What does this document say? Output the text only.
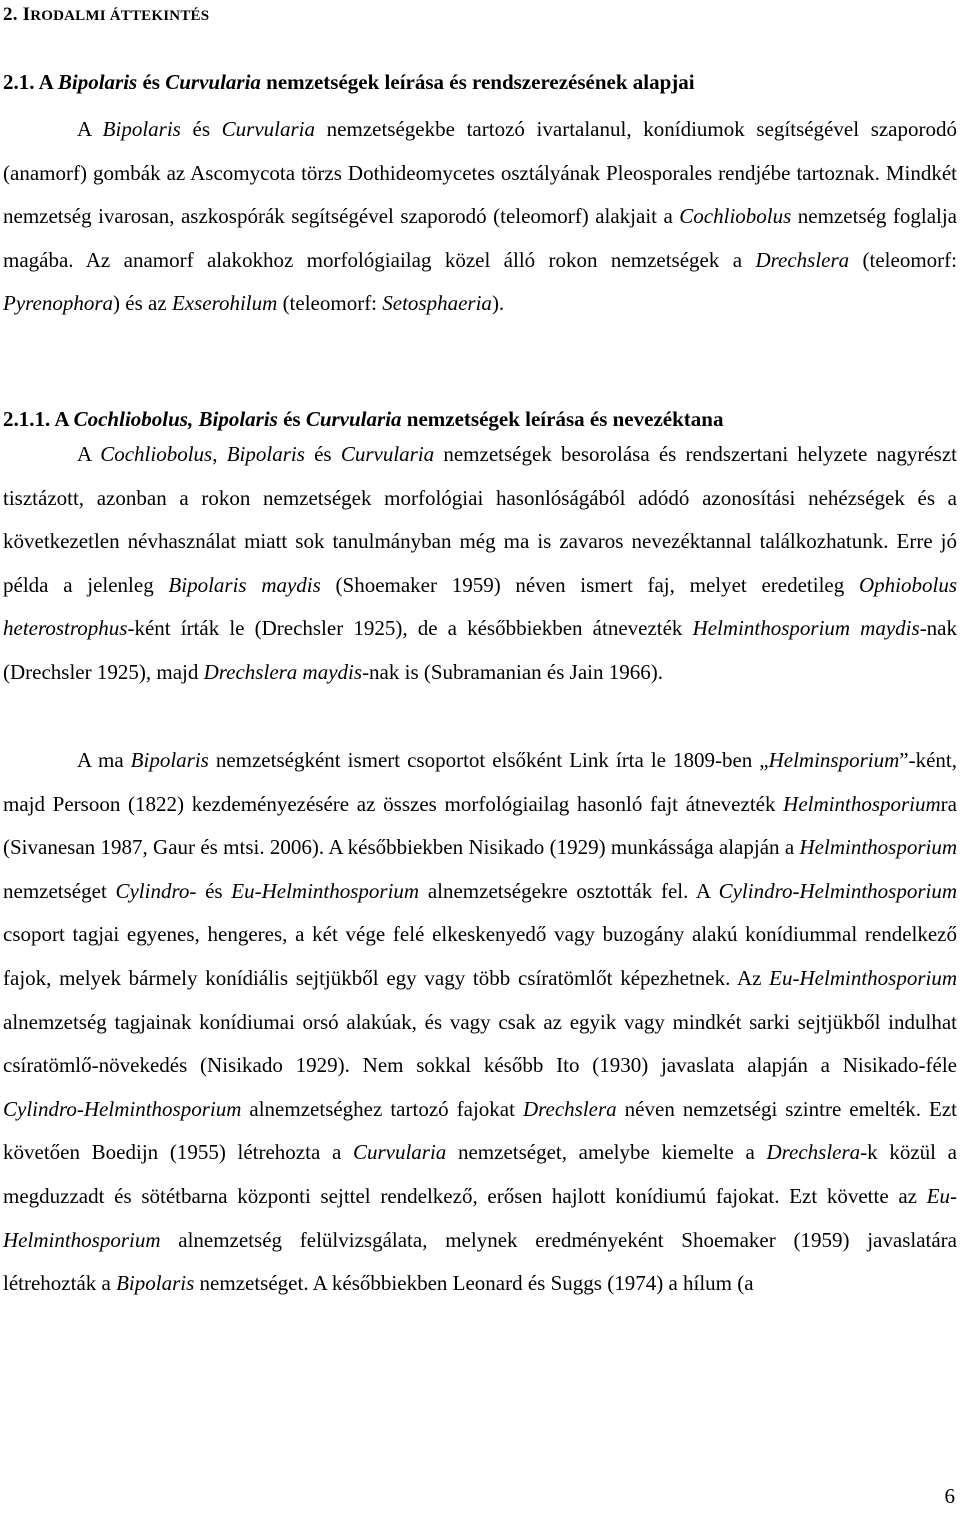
2. IRODALMI ÁTTEKINTÉS
2.1. A Bipolaris és Curvularia nemzetségek leírása és rendszerezésének alapjai
A Bipolaris és Curvularia nemzetségekbe tartozó ivartalanul, konídiumok segítségével szaporodó (anamorf) gombák az Ascomycota törzs Dothideomycetes osztályának Pleosporales rendjébe tartoznak. Mindkét nemzetség ivarosan, aszkospórák segítségével szaporodó (teleomorf) alakjait a Cochliobolus nemzetség foglalja magába. Az anamorf alakokhoz morfológiailag közel álló rokon nemzetségek a Drechslera (teleomorf: Pyrenophora) és az Exserohilum (teleomorf: Setosphaeria).
2.1.1. A Cochliobolus, Bipolaris és Curvularia nemzetségek leírása és nevezéktana
A Cochliobolus, Bipolaris és Curvularia nemzetségek besorolása és rendszertani helyzete nagyrészt tisztázott, azonban a rokon nemzetségek morfológiai hasonlóságából adódó azonosítási nehézségek és a következetlen névhasználat miatt sok tanulmányban még ma is zavaros nevezéktannal találkozhatunk. Erre jó példa a jelenleg Bipolaris maydis (Shoemaker 1959) néven ismert faj, melyet eredetileg Ophiobolus heterostrophus-ként írták le (Drechsler 1925), de a későbbiekben átnevezték Helminthosporium maydis-nak (Drechsler 1925), majd Drechslera maydis-nak is (Subramanian és Jain 1966).
A ma Bipolaris nemzetségként ismert csoportot elsőként Link írta le 1809-ben „Helminsporium”-ként, majd Persoon (1822) kezdeményezésére az összes morfológiailag hasonló fajt átnevezték Helminthosporiumra (Sivanesan 1987, Gaur és mtsi. 2006). A későbbiekben Nisikado (1929) munkássága alapján a Helminthosporium nemzetséget Cylindro- és Eu-Helminthosporium alnemzetségekre osztották fel. A Cylindro-Helminthosporium csoport tagjai egyenes, hengeres, a két vége felé elkeskenyedő vagy buzogány alakú konídiummal rendelkező fajok, melyek bármely konídiális sejtjükből egy vagy több csíratömlőt képezhetnek. Az Eu-Helminthosporium alnemzetség tagjainak konídiumai orsó alakúak, és vagy csak az egyik vagy mindkét sarki sejtjükből indulhat csíratömlő-növekedés (Nisikado 1929). Nem sokkal később Ito (1930) javaslata alapján a Nisikado-féle Cylindro-Helminthosporium alnemzetséghez tartozó fajokat Drechslera néven nemzetségi szintre emelték. Ezt követően Boedijn (1955) létrehozta a Curvularia nemzetséget, amelybe kiemelte a Drechslera-k közül a megduzzadt és sötétbarna központi sejttel rendelkező, erősen hajlott konídiumú fajokat. Ezt követte az Eu-Helminthosporium alnemzetség felülvizsgálata, melynek eredményeként Shoemaker (1959) javaslatára létrehozták a Bipolaris nemzetséget. A későbbiekben Leonard és Suggs (1974) a hílum (a
6
